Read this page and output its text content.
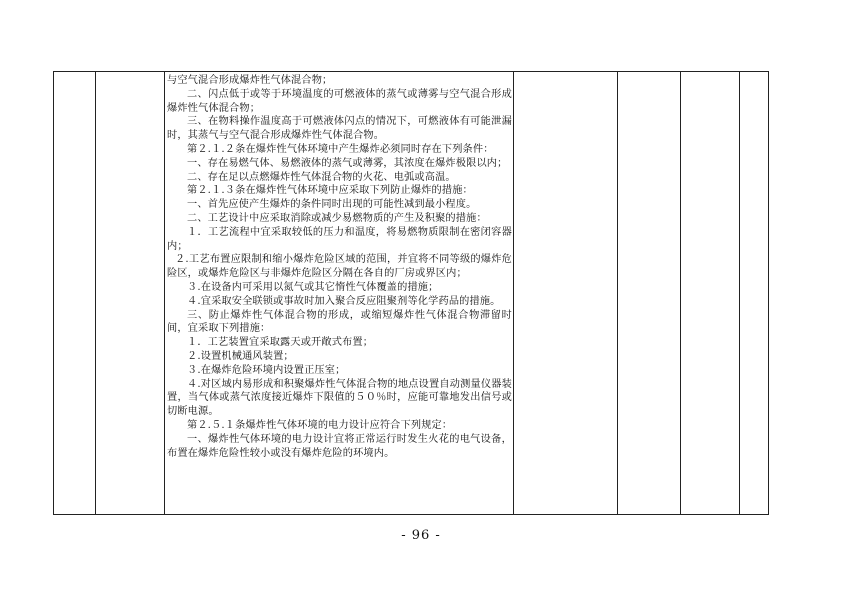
与空气混合形成爆炸性气体混合物；

二、闪点低于或等于环境温度的可燃液体的蒸气或薄雾与空气混合形成爆炸性气体混合物；

三、在物料操作温度高于可燃液体闪点的情况下，可燃液体有可能泄漏时，其蒸气与空气混合形成爆炸性气体混合物。

第２.１.２条在爆炸性气体环境中产生爆炸必须同时存在下列条件：

一、存在易燃气体、易燃液体的蒸气或薄雾，其浓度在爆炸极限以内；

二、存在足以点燃爆炸性气体混合物的火花、电弧或高温。

第２.１.３条在爆炸性气体环境中应采取下列防止爆炸的措施：

一、首先应使产生爆炸的条件同时出现的可能性减到最小程度。

二、工艺设计中应采取消除或减少易燃物质的产生及积聚的措施：

１．工艺流程中宜采取较低的压力和温度，将易燃物质限制在密闭容器内；

２.工艺布置应限制和缩小爆炸危险区域的范围，并宜将不同等级的爆炸危险区，或爆炸危险区与非爆炸危险区分隔在各自的厂房或界区内；

３.在设备内可采用以氮气或其它惰性气体覆盖的措施；

４.宜采取安全联锁或事故时加入聚合反应阻聚剂等化学药品的措施。

三、防止爆炸性气体混合物的形成，或缩短爆炸性气体混合物滞留时间，宜采取下列措施：

１．工艺装置宜采取露天或开敞式布置；

２.设置机械通风装置；

３.在爆炸危险环境内设置正压室；

４.对区域内易形成和积聚爆炸性气体混合物的地点设置自动测量仪器装置，当气体或蒸气浓度接近爆炸下限值的５０％时，应能可靠地发出信号或切断电源。

第２.５.１条爆炸性气体环境的电力设计应符合下列规定：

一、爆炸性气体环境的电力设计宜将正常运行时发生火花的电气设备，布置在爆炸危险性较小或没有爆炸危险的环境内。

- 96 -
